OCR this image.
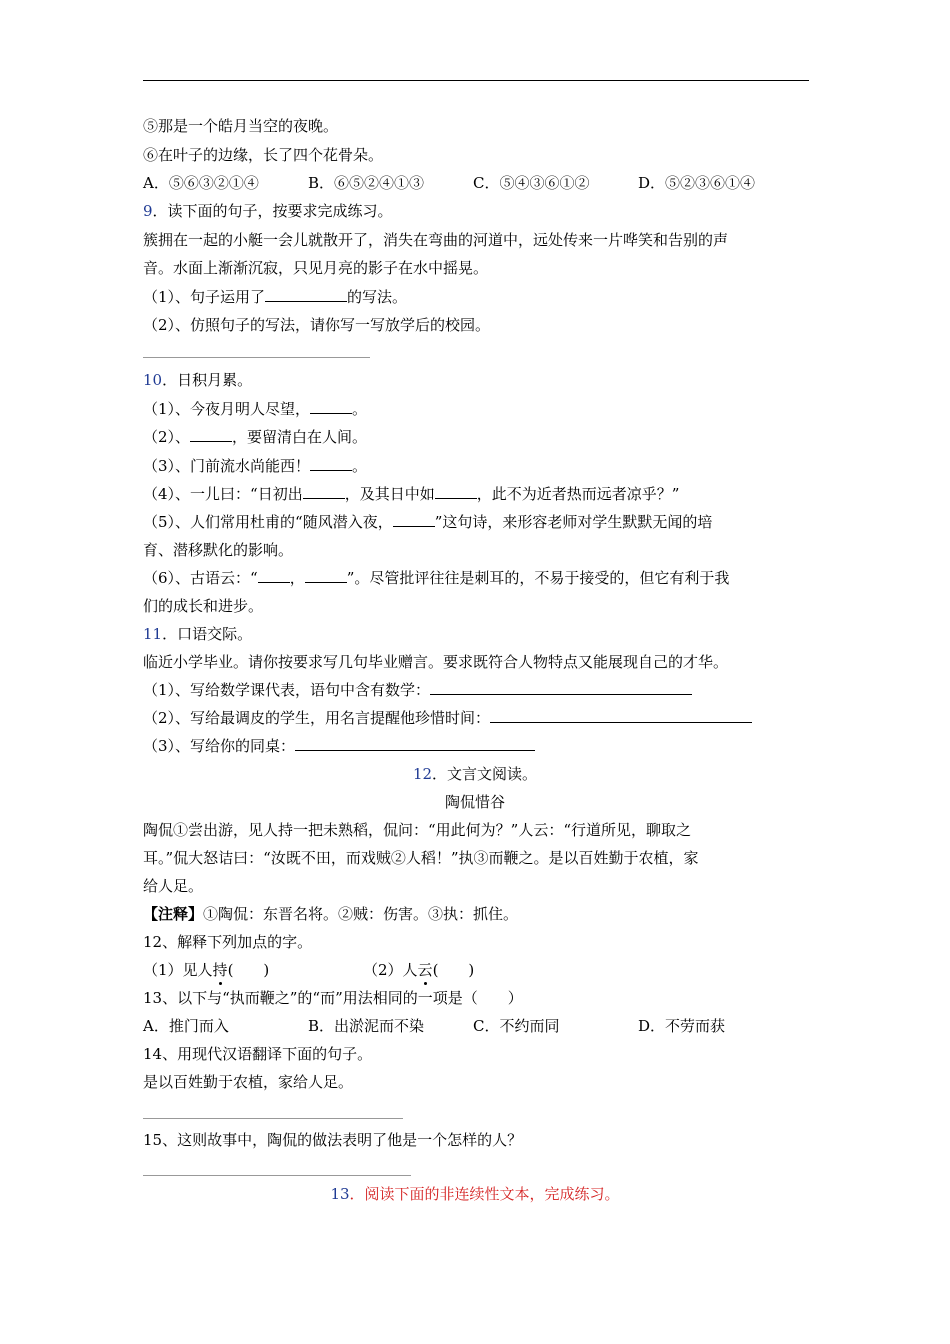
⑤那是一个皓月当空的夜晚。
⑥在叶子的边缘，长了四个花骨朵。
A．⑤⑥③②①④	B．⑥⑤②④①③	C．⑤④③⑥①②	D．⑤②③⑥①④
9．读下面的句子，按要求完成练习。
簇拥在一起的小艇一会儿就散开了，消失在弯曲的河道中，远处传来一片哗笑和告别的声
音。水面上渐渐沉寂，只见月亮的影子在水中摇晃。
（1）、句子运用了	的写法。
（2）、仿照句子的写法，请你写一写放学后的校园。
10．日积月累。
（1）、今夜月明人尽望，	。
（2）、	，要留清白在人间。
（3）、门前流水尚能西！	。
（4）、一儿曰：“日初出	，及其日中如	，此不为近者热而远者凉乎？”
（5）、人们常用杜甫的“随风潜入夜，	”这句诗，来形容老师对学生默默无闻的培
育、潜移默化的影响。
（6）、古语云：“ ，	”。尽管批评往往是刺耳的，不易于接受的，但它有利于我
们的成长和进步。
11．口语交际。
临近小学毕业。请你按要求写几句毕业赠言。要求既符合人物特点又能展现自己的才华。
（1）、写给数学课代表，语句中含有数学：
（2）、写给最调皮的学生，用名言提醒他珍惜时间：
（3）、写给你的同桌：
12．文言文阅读。
陶侃惜谷
陶侃①尝出游，见人持一把未熟稻，侃问：“用此何为？”人云：“行道所见，聊取之
耳。”侃大怒诘曰：“汝既不田，而戏贼②人稻！”执③而鞭之。是以百姓勤于农植，家
给人足。
【注释】①陶侃：东晋名将。②贼：伤害。③执：抓住。
12、解释下列加点的字。
（1）见人持(　　)	（2）人云(　　)
13、以下与“执而鞭之”的“而”用法相同的一项是（　　）
A．推门而入	B．出淤泥而不染	C．不约而同	D．不劳而获
14、用现代汉语翻译下面的句子。
是以百姓勤于农植，家给人足。
15、这则故事中，陶侃的做法表明了他是一个怎样的人？
13．阅读下面的非连续性文本，完成练习。
